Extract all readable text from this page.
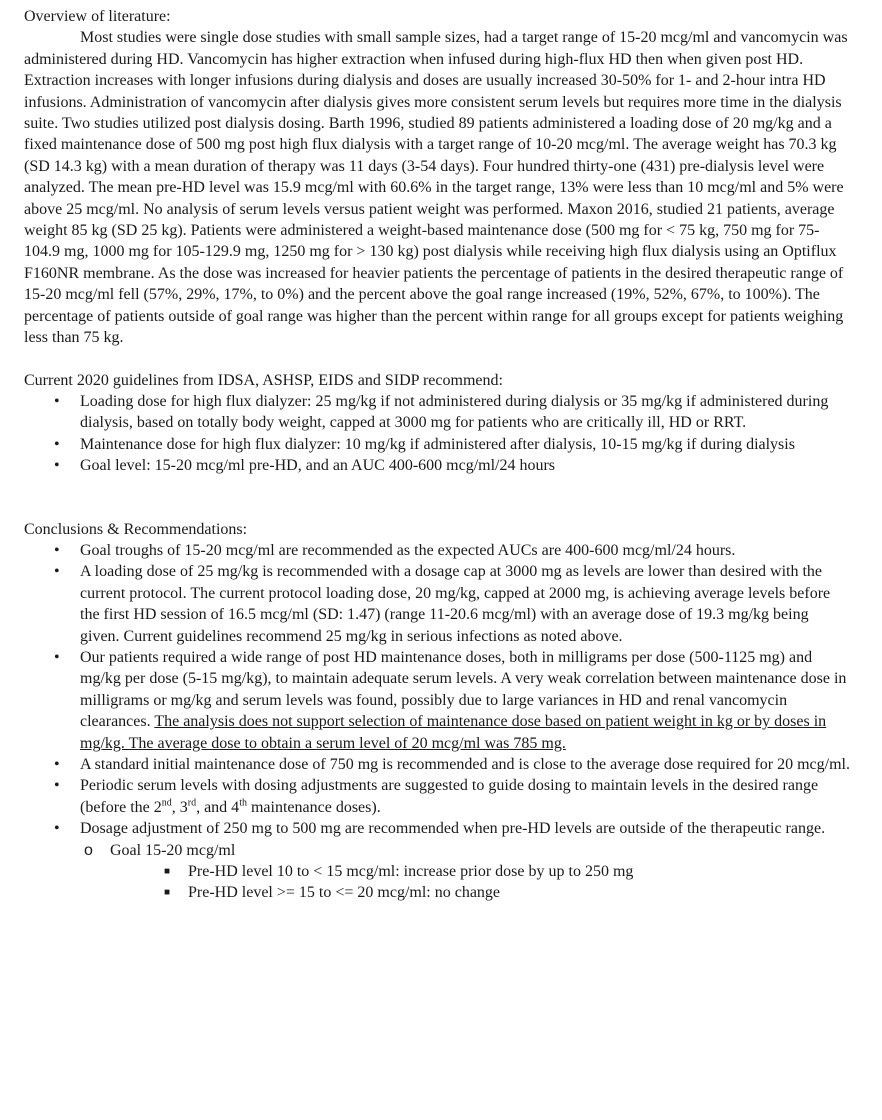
Overview of literature:

Most studies were single dose studies with small sample sizes, had a target range of 15-20 mcg/ml and vancomycin was administered during HD. Vancomycin has higher extraction when infused during high-flux HD then when given post HD. Extraction increases with longer infusions during dialysis and doses are usually increased 30-50% for 1- and 2-hour intra HD infusions. Administration of vancomycin after dialysis gives more consistent serum levels but requires more time in the dialysis suite. Two studies utilized post dialysis dosing. Barth 1996, studied 89 patients administered a loading dose of 20 mg/kg and a fixed maintenance dose of 500 mg post high flux dialysis with a target range of 10-20 mcg/ml. The average weight has 70.3 kg (SD 14.3 kg) with a mean duration of therapy was 11 days (3-54 days). Four hundred thirty-one (431) pre-dialysis level were analyzed. The mean pre-HD level was 15.9 mcg/ml with 60.6% in the target range, 13% were less than 10 mcg/ml and 5% were above 25 mcg/ml. No analysis of serum levels versus patient weight was performed. Maxon 2016, studied 21 patients, average weight 85 kg (SD 25 kg). Patients were administered a weight-based maintenance dose (500 mg for < 75 kg, 750 mg for 75-104.9 mg, 1000 mg for 105-129.9 mg, 1250 mg for > 130 kg) post dialysis while receiving high flux dialysis using an Optiflux F160NR membrane. As the dose was increased for heavier patients the percentage of patients in the desired therapeutic range of 15-20 mcg/ml fell (57%, 29%, 17%, to 0%) and the percent above the goal range increased (19%, 52%, 67%, to 100%). The percentage of patients outside of goal range was higher than the percent within range for all groups except for patients weighing less than 75 kg.

Current 2020 guidelines from IDSA, ASHSP, EIDS and SIDP recommend:

• Loading dose for high flux dialyzer: 25 mg/kg if not administered during dialysis or 35 mg/kg if administered during dialysis, based on totally body weight, capped at 3000 mg for patients who are critically ill, HD or RRT.
• Maintenance dose for high flux dialyzer: 10 mg/kg if administered after dialysis, 10-15 mg/kg if during dialysis
• Goal level: 15-20 mcg/ml pre-HD, and an AUC 400-600 mcg/ml/24 hours

Conclusions & Recommendations:

• Goal troughs of 15-20 mcg/ml are recommended as the expected AUCs are 400-600 mcg/ml/24 hours.
• A loading dose of 25 mg/kg is recommended with a dosage cap at 3000 mg as levels are lower than desired with the current protocol. The current protocol loading dose, 20 mg/kg, capped at 2000 mg, is achieving average levels before the first HD session of 16.5 mcg/ml (SD: 1.47) (range 11-20.6 mcg/ml) with an average dose of 19.3 mg/kg being given. Current guidelines recommend 25 mg/kg in serious infections as noted above.
• Our patients required a wide range of post HD maintenance doses, both in milligrams per dose (500-1125 mg) and mg/kg per dose (5-15 mg/kg), to maintain adequate serum levels. A very weak correlation between maintenance dose in milligrams or mg/kg and serum levels was found, possibly due to large variances in HD and renal vancomycin clearances. The analysis does not support selection of maintenance dose based on patient weight in kg or by doses in mg/kg. The average dose to obtain a serum level of 20 mcg/ml was 785 mg.
• A standard initial maintenance dose of 750 mg is recommended and is close to the average dose required for 20 mcg/ml.
• Periodic serum levels with dosing adjustments are suggested to guide dosing to maintain levels in the desired range (before the 2nd, 3rd, and 4th maintenance doses).
• Dosage adjustment of 250 mg to 500 mg are recommended when pre-HD levels are outside of the therapeutic range.
o Goal 15-20 mcg/ml
■ Pre-HD level 10 to < 15 mcg/ml: increase prior dose by up to 250 mg
■ Pre-HD level >= 15 to <= 20 mcg/ml: no change
